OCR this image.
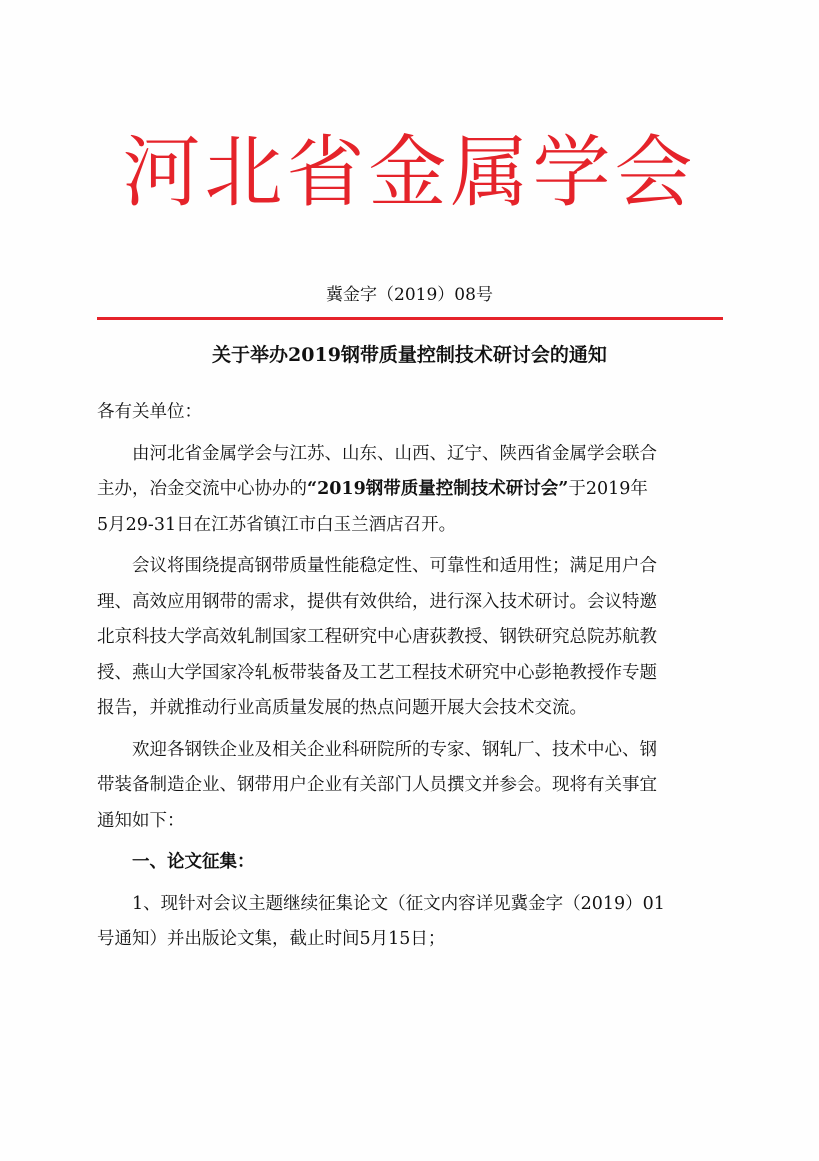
河北省金属学会
冀金字（2019）08号
关于举办2019钢带质量控制技术研讨会的通知

各有关单位：

由河北省金属学会与江苏、山东、山西、辽宁、陕西省金属学会联合
主办，冶金交流中心协办的“2019钢带质量控制技术研讨会”于2019年
5月29-31日在江苏省镇江市白玉兰酒店召开。

会议将围绕提高钢带质量性能稳定性、可靠性和适用性；满足用户合
理、高效应用钢带的需求，提供有效供给，进行深入技术研讨。会议特邀
北京科技大学高效轧制国家工程研究中心唐荻教授、钢铁研究总院苏航教
授、燕山大学国家冷轧板带装备及工艺工程技术研究中心彭艳教授作专题
报告，并就推动行业高质量发展的热点问题开展大会技术交流。

欢迎各钢铁企业及相关企业科研院所的专家、钢轧厂、技术中心、钢
带装备制造企业、钢带用户企业有关部门人员撰文并参会。现将有关事宜
通知如下：

一、论文征集：

1、现针对会议主题继续征集论文（征文内容详见冀金字（2019）01
号通知）并出版论文集，截止时间5月15日；
